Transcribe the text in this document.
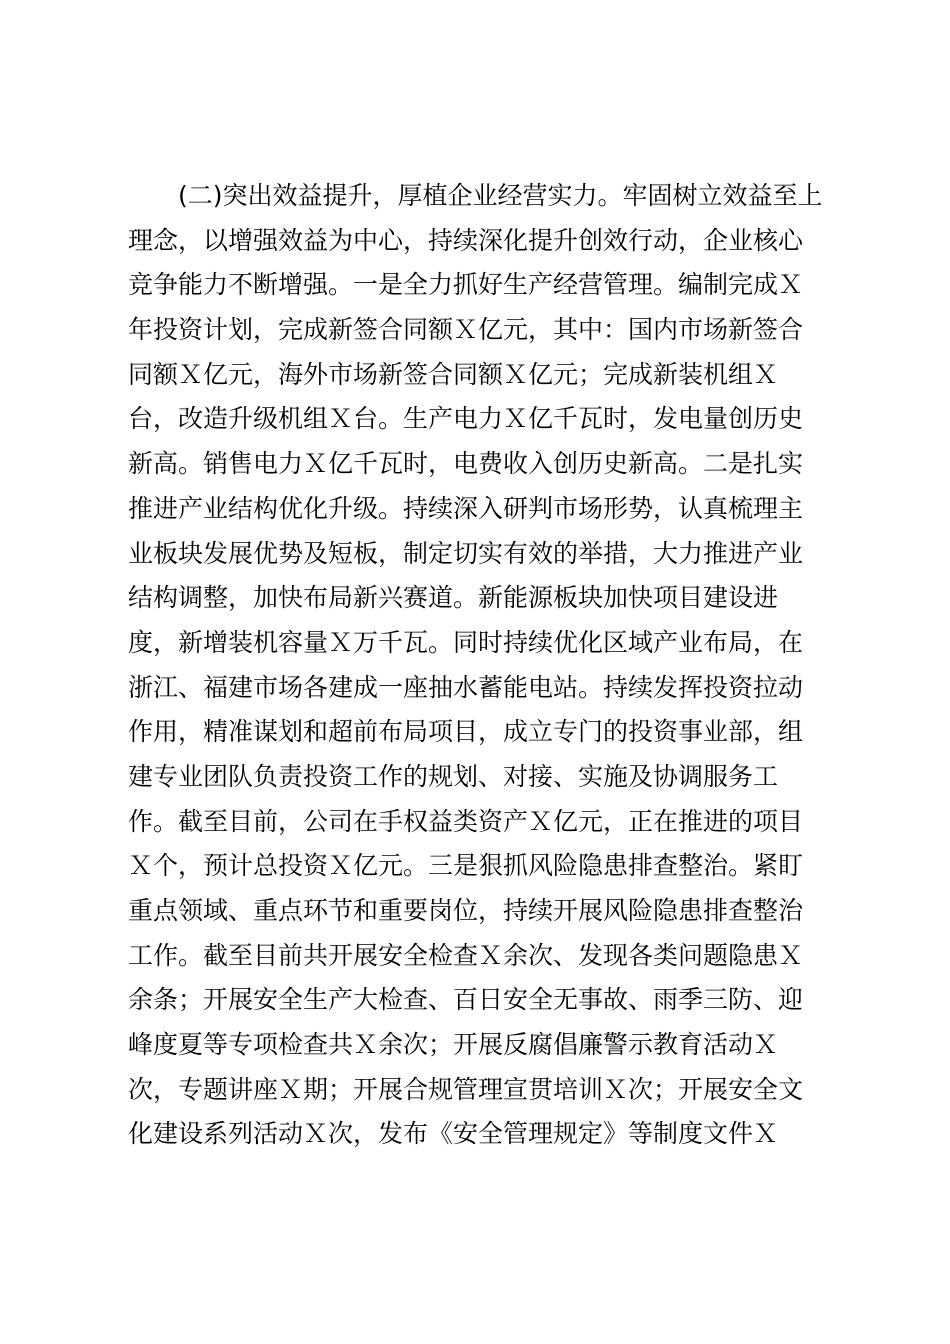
(二)突出效益提升，厚植企业经营实力。牢固树立效益至上
理念，以增强效益为中心，持续深化提升创效行动，企业核心
竞争能力不断增强。一是全力抓好生产经营管理。编制完成Ｘ
年投资计划，完成新签合同额Ｘ亿元，其中：国内市场新签合
同额Ｘ亿元，海外市场新签合同额Ｘ亿元；完成新装机组Ｘ
台，改造升级机组Ｘ台。生产电力Ｘ亿千瓦时，发电量创历史
新高。销售电力Ｘ亿千瓦时，电费收入创历史新高。二是扎实
推进产业结构优化升级。持续深入研判市场形势，认真梳理主
业板块发展优势及短板，制定切实有效的举措，大力推进产业
结构调整，加快布局新兴赛道。新能源板块加快项目建设进
度，新增装机容量Ｘ万千瓦。同时持续优化区域产业布局，在
浙江、福建市场各建成一座抽水蓄能电站。持续发挥投资拉动
作用，精准谋划和超前布局项目，成立专门的投资事业部，组
建专业团队负责投资工作的规划、对接、实施及协调服务工
作。截至目前，公司在手权益类资产Ｘ亿元，正在推进的项目
Ｘ个，预计总投资Ｘ亿元。三是狠抓风险隐患排查整治。紧盯
重点领域、重点环节和重要岗位，持续开展风险隐患排查整治
工作。截至目前共开展安全检查Ｘ余次、发现各类问题隐患Ｘ
余条；开展安全生产大检查、百日安全无事故、雨季三防、迎
峰度夏等专项检查共Ｘ余次；开展反腐倡廉警示教育活动Ｘ
次，专题讲座Ｘ期；开展合规管理宣贯培训Ｘ次；开展安全文
化建设系列活动Ｘ次，发布《安全管理规定》等制度文件Ｘ
